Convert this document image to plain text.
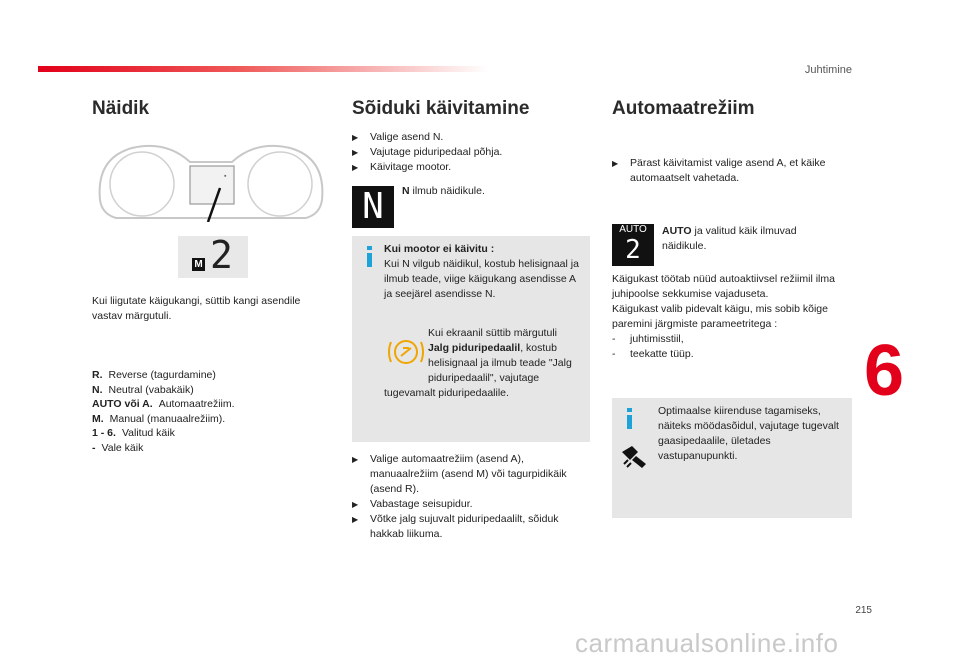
Juhtimine
Näidik
▪
M 2
Kui liigutate käigukangi, süttib kangi asendile vastav märgutuli.
R. Reverse (tagurdamine)
N. Neutral (vabakäik)
AUTO või A. Automaatrežiim.
M. Manual (manuaalrežiim).
1 - 6. Valitud käik
- Vale käik
Sõiduki käivitamine
▶	Valige asend N.
▶	Vajutage piduripedaal põhja.
▶	Käivitage mootor.
N	N ilmub näidikule.
Kui mootor ei käivitu :
Kui N vilgub näidikul, kostub helisignaal ja ilmub teade, viige käigukang asendisse A ja seejärel asendisse N.
Kui ekraanil süttib märgutuli Jalg piduripedaalil, kostub helisignaal ja ilmub teade "Jalg piduripedaalil", vajutage
tugevamalt piduripedaalile.
▶	Valige automaatrežiim (asend A), manuaalrežiim (asend M) või tagurpidikäik (asend R).
▶	Vabastage seisupidur.
▶	Võtke jalg sujuvalt piduripedaalilt, sõiduk hakkab liikuma.
Automaatrežiim
▶	Pärast käivitamist valige asend A, et käike automaatselt vahetada.
AUTO
2
AUTO ja valitud käik ilmuvad näidikule.
Käigukast töötab nüüd autoaktiivsel režiimil ilma juhipoolse sekkumise vajaduseta.
Käigukast valib pidevalt käigu, mis sobib kõige paremini järgmiste parameetritega :
-	juhtimisstiil,
-	teekatte tüüp.
Optimaalse kiirenduse tagamiseks, näiteks möödasõidul, vajutage tugevalt gaasipedaalile, ületades vastupanupunkti.
6
215
carmanualsonline.info
